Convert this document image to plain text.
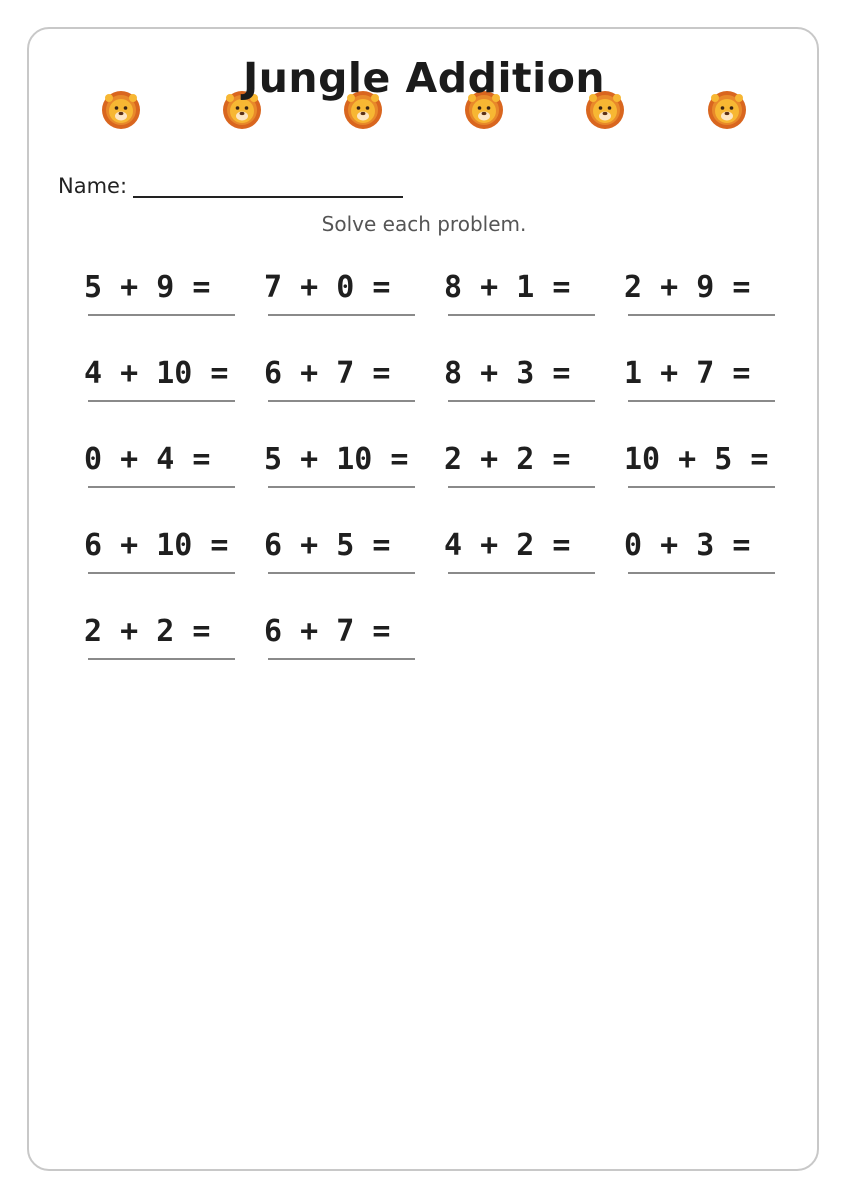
Jungle Addition
Name:
Solve each problem.
5 + 9 = 7 + 0 = 8 + 1 = 2 + 9 =
4 + 10 = 6 + 7 = 8 + 3 = 1 + 7 =
0 + 4 = 5 + 10 = 2 + 2 = 10 + 5 =
6 + 10 = 6 + 5 = 4 + 2 = 0 + 3 =
2 + 2 = 6 + 7 =
